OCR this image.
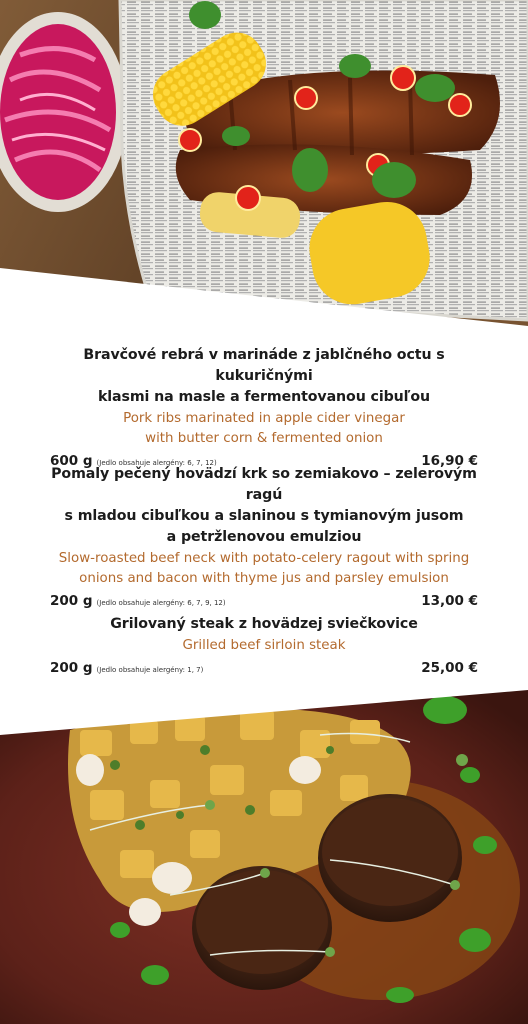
Bravčové rebrá v marináde z jablčného octu s kukuričnými
klasmi na masle a fermentovanou cibuľou

Pork ribs marinated in apple cider vinegar
with butter corn & fermented onion

600 g (Jedlo obsahuje alergény: 6, 7, 12)	16,90 €

Pomaly pečený hovädzí krk so zemiakovo – zelerovým ragú
s mladou cibuľkou a slaninou s tymianovým jusom
a petržlenovou emulziou

Slow-roasted beef neck with potato-celery ragout with spring
onions and bacon with thyme jus and parsley emulsion

200 g (Jedlo obsahuje alergény: 6, 7, 9, 12)	13,00 €

Grilovaný steak z hovädzej sviečkovice

Grilled beef sirloin steak

200 g (Jedlo obsahuje alergény: 1, 7)	25,00 €
